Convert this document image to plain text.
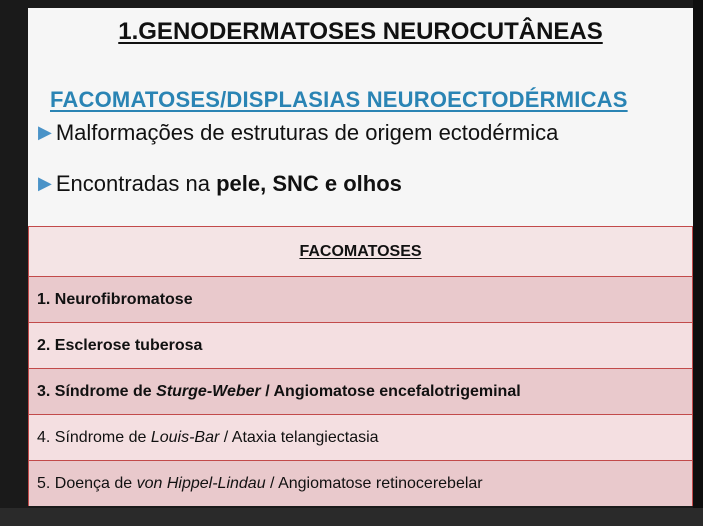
1.GENODERMATOSES NEUROCUTÂNEAS
FACOMATOSES/DISPLASIAS NEUROECTODÉRMICAS
▶ Malformações de estruturas de origem ectodérmica
▶ Encontradas na pele, SNC e olhos
FACOMATOSES
1. Neurofibromatose
2. Esclerose tuberosa
3. Síndrome de Sturge-Weber / Angiomatose encefalotrigeminal
4. Síndrome de Louis-Bar / Ataxia telangiectasia
5. Doença de von Hippel-Lindau / Angiomatose retinocerebelar
